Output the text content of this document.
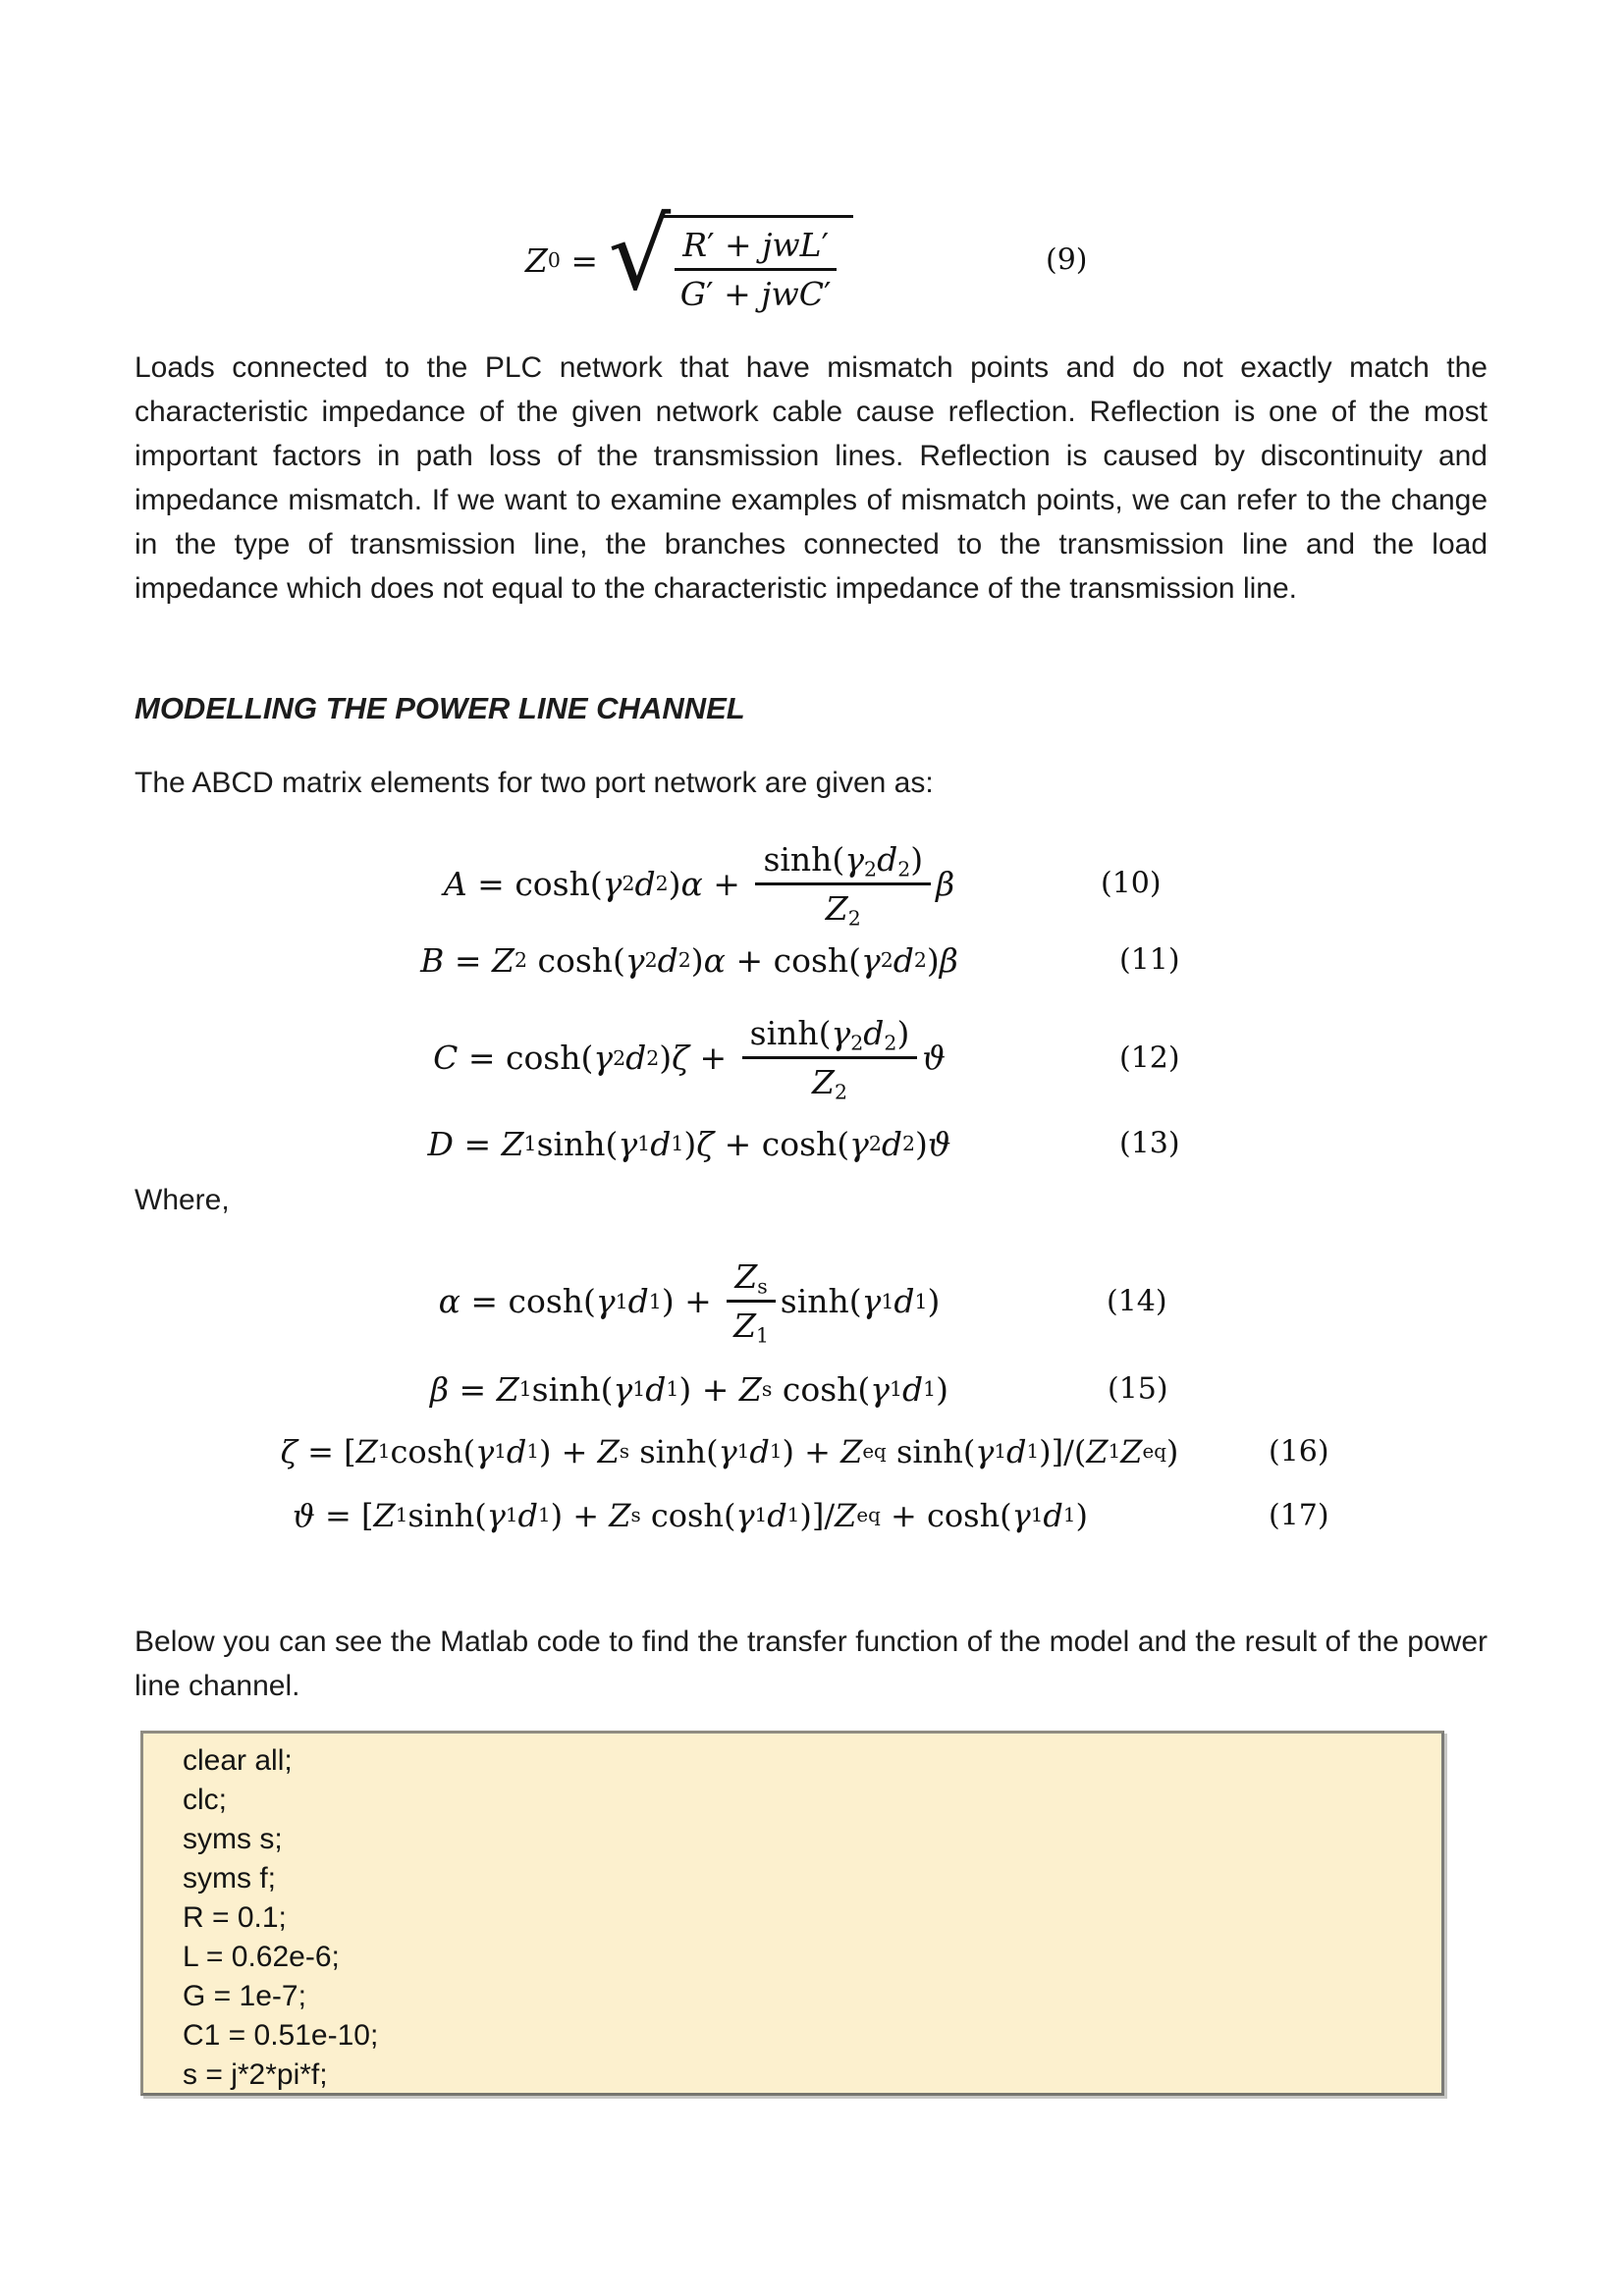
Z 0 = √ R′ + jwL′
G′ + jwC′
(9)

Loads connected to the PLC network that have mismatch points and do not exactly match the characteristic impedance of the given network cable cause reflection. Reflection is one of the most important factors in path loss of the transmission lines. Reflection is caused by discontinuity and impedance mismatch. If we want to examine examples of mismatch points, we can refer to the change in the type of transmission line, the branches connected to the transmission line and the load impedance which does not equal to the characteristic impedance of the transmission line.

MODELLING THE POWER LINE CHANNEL

The ABCD matrix elements for two port network are given as:

A = cosh( γ 2 d 2 ) $\alpha + \frac{\sinh(\gamma_2d_2)}{Z_2}$ β	(10)
B = Z 2 cosh( γ 2 d 2 ) α + cosh( γ 2 d 2 ) β	(11)
C = cosh( γ 2 d 2 ) $\zeta + \frac{\sinh(\gamma_2d_2)}{Z_2}$ ϑ	(12)
D = Z 1 sinh( γ 1 d 1 ) ζ + cosh( γ 2 d 2 ) ϑ	(13)

Where,

α = cosh( γ 1 d 1 ) + $\frac{Z_s}{Z_1} \sinh$( γ 1 d 1 )	(14)
β = Z 1 sinh( γ 1 d 1 ) + Z s cosh( γ 1 d 1 )	(15)
ζ = [ Z 1 cosh( γ 1 d 1 ) + Z s sinh( γ 1 d 1 ) + Z eq sinh( γ 1 d 1 )]/( Z 1 Z eq )	(16)
ϑ = [ Z 1 sinh( γ 1 d 1 ) + Z s cosh( γ 1 d 1 )]/ Z eq + cosh( γ 1 d 1 )	(17)

Below you can see the Matlab code to find the transfer function of the model and the result of the power line channel.

clear all;
clc;
syms s;
syms f;
R = 0.1;
L = 0.62e-6;
G = 1e-7;
C1 = 0.51e-10;
s = j*2*pi*f;
